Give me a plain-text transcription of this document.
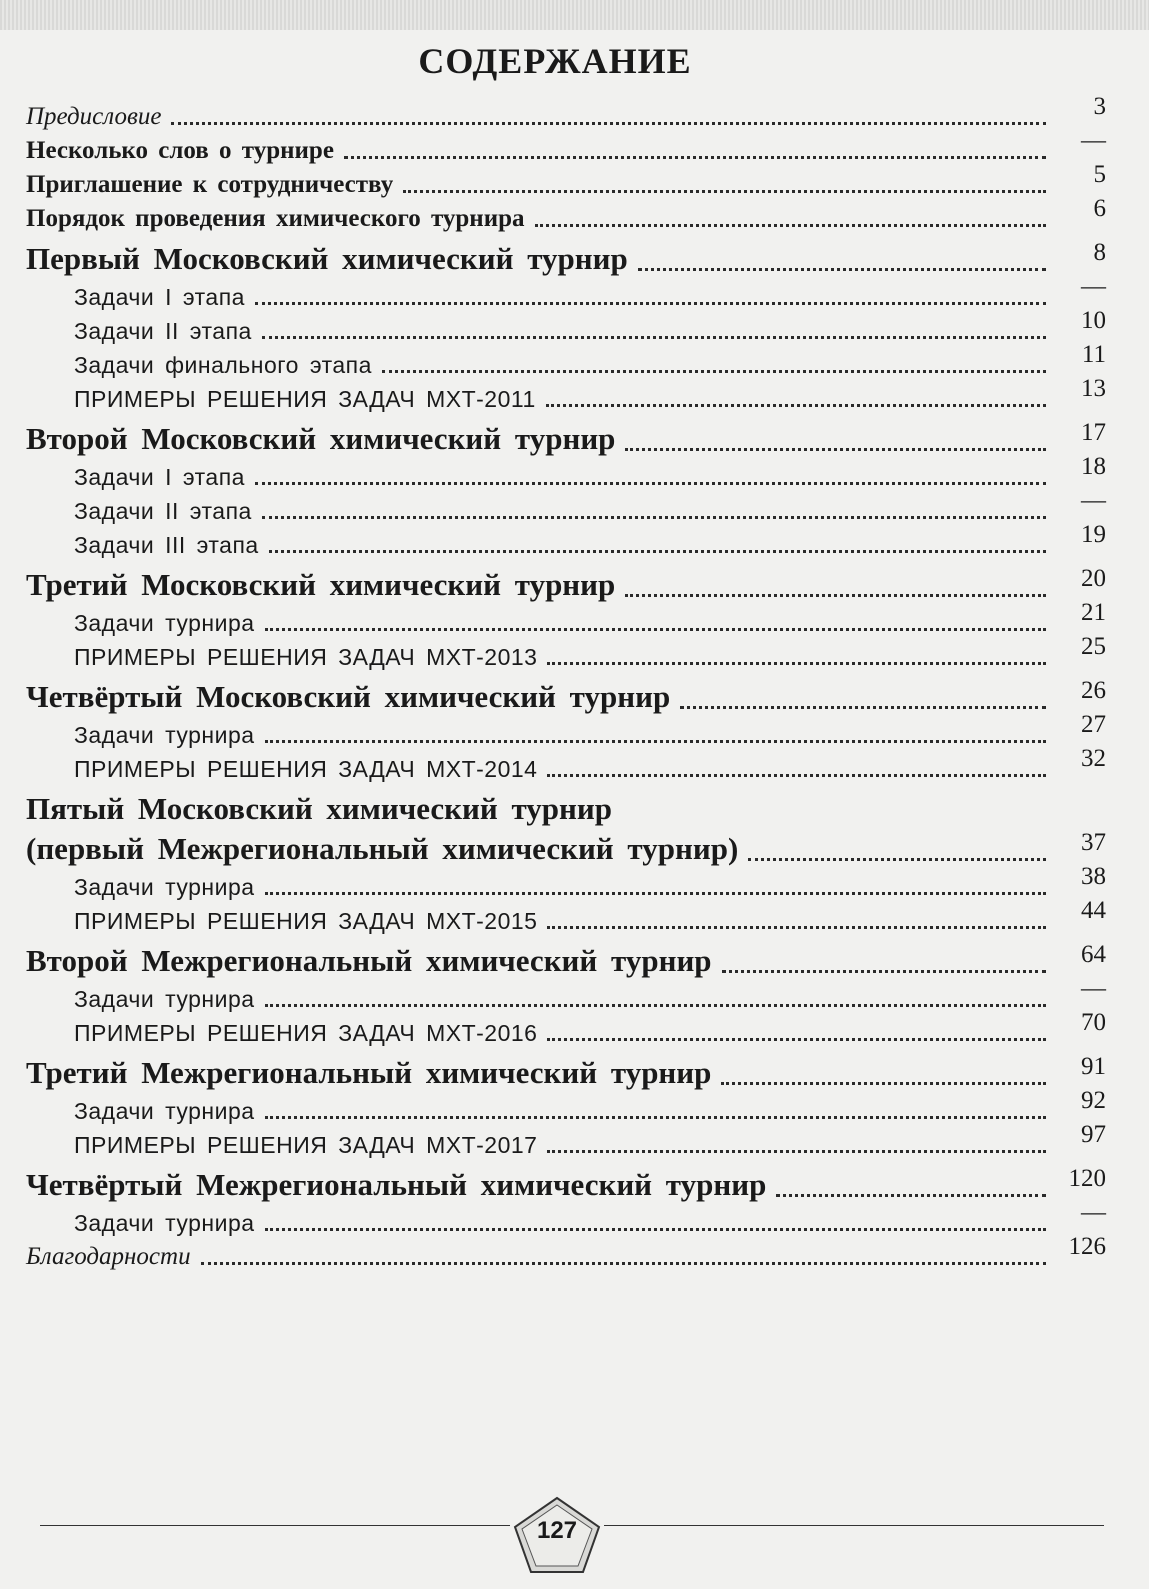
СОДЕРЖАНИЕ
Предисловие	3
Несколько слов о турнире	—
Приглашение к сотрудничеству	5
Порядок проведения химического турнира	6
Первый Московский химический турнир	8
Задачи I этапа	—
Задачи II этапа	10
Задачи финального этапа	11
ПРИМЕРЫ РЕШЕНИЯ ЗАДАЧ МХТ-2011	13
Второй Московский химический турнир	17
Задачи I этапа	18
Задачи II этапа	—
Задачи III этапа	19
Третий Московский химический турнир	20
Задачи турнира	21
ПРИМЕРЫ РЕШЕНИЯ ЗАДАЧ МХТ-2013	25
Четвёртый Московский химический турнир	26
Задачи турнира	27
ПРИМЕРЫ РЕШЕНИЯ ЗАДАЧ МХТ-2014	32
Пятый Московский химический турнир
(первый Межрегиональный химический турнир)	37
Задачи турнира	38
ПРИМЕРЫ РЕШЕНИЯ ЗАДАЧ МХТ-2015	44
Второй Межрегиональный химический турнир	64
Задачи турнира	—
ПРИМЕРЫ РЕШЕНИЯ ЗАДАЧ МХТ-2016	70
Третий Межрегиональный химический турнир	91
Задачи турнира	92
ПРИМЕРЫ РЕШЕНИЯ ЗАДАЧ МХТ-2017	97
Четвёртый Межрегиональный химический турнир	120
Задачи турнира	—
Благодарности	126
127
